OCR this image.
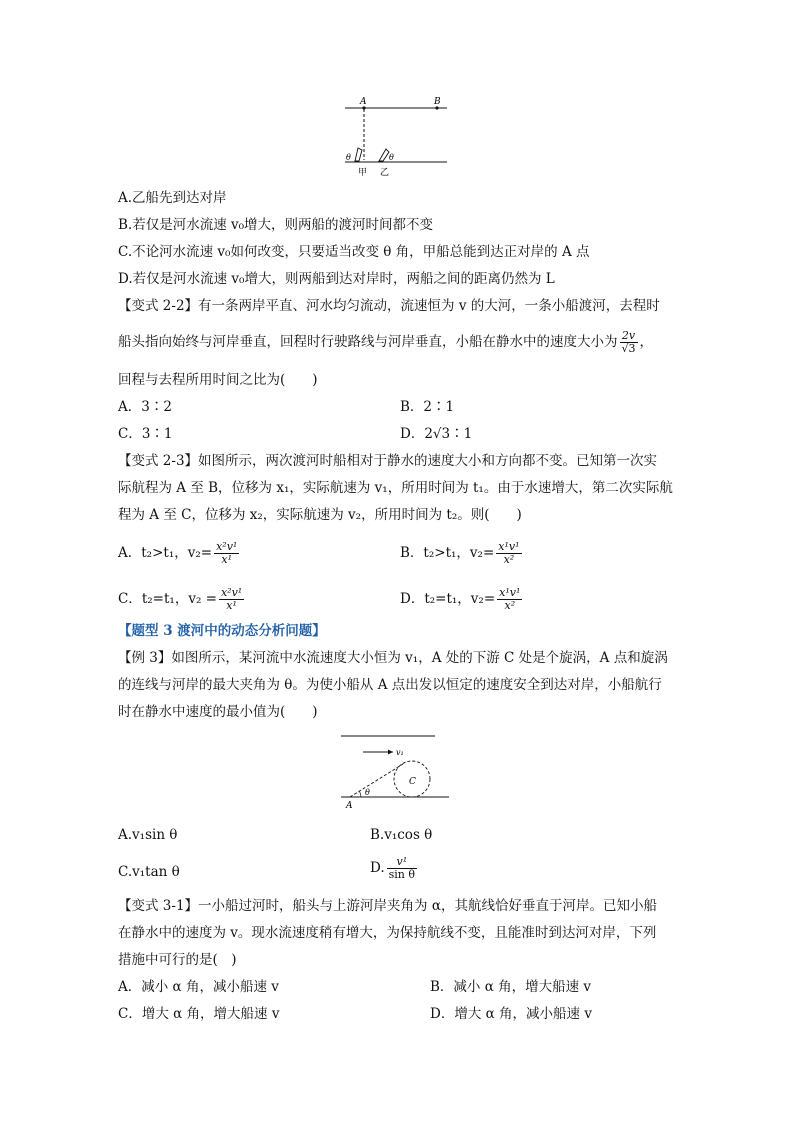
A	B
θ	θ
甲 乙
A.乙船先到达对岸
B.若仅是河水流速 v₀增大，则两船的渡河时间都不变
C.不论河水流速 v₀如何改变，只要适当改变 θ 角，甲船总能到达正对岸的 A 点
D.若仅是河水流速 v₀增大，则两船到达对岸时，两船之间的距离仍然为 L
【变式 2-2】有一条两岸平直、河水均匀流动，流速恒为 v 的大河，一条小船渡河，去程时
船头指向始终与河岸垂直，回程时行驶路线与河岸垂直，小船在静水中的速度大小为 $\frac{2v}{√3}$ ，
回程与去程所用时间之比为(　　)
A．3∶2	B．2∶1
C．3∶1	D．2√3∶1
【变式 2-3】如图所示，两次渡河时船相对于静水的速度大小和方向都不变。已知第一次实
际航程为 A 至 B，位移为 x₁，实际航速为 v₁，所用时间为 t₁。由于水速增大，第二次实际航
程为 A 至 C，位移为 x₂，实际航速为 v₂，所用时间为 t₂。则(　　)
A．t₂>t₁，$v_2= \frac{\text{x²v¹}}{\text{x¹}}$	B．t₂>t₁，$v_2= \frac{\text{x¹v¹}}{\text{x²}}$
C．t₂=t₁，$v_2 = \frac{\text{x²v¹}}{\text{x¹}}$	D．t₂=t₁，$v_2= \frac{\text{x¹v¹}}{\text{x²}}$
【题型 3 渡河中的动态分析问题】
【例 3】如图所示，某河流中水流速度大小恒为 v₁，A 处的下游 C 处是个旋涡，A 点和旋涡
的连线与河岸的最大夹角为 θ。为使小船从 A 点出发以恒定的速度安全到达对岸，小船航行
时在静水中速度的最小值为(　　)
v₁
C
A
θ
A.v₁sin θ	B.v₁cos θ
C.v₁tan θ	D. $\frac{\text{v¹}}{\text{sin θ}}$
【变式 3-1】一小船过河时，船头与上游河岸夹角为 α，其航线恰好垂直于河岸。已知小船
在静水中的速度为 v。现水流速度稍有增大，为保持航线不变，且能准时到达河对岸，下列
措施中可行的是(　)
A．减小 α 角，减小船速 v	B．减小 α 角，增大船速 v
C．增大 α 角，增大船速 v	D．增大 α 角，减小船速 v
